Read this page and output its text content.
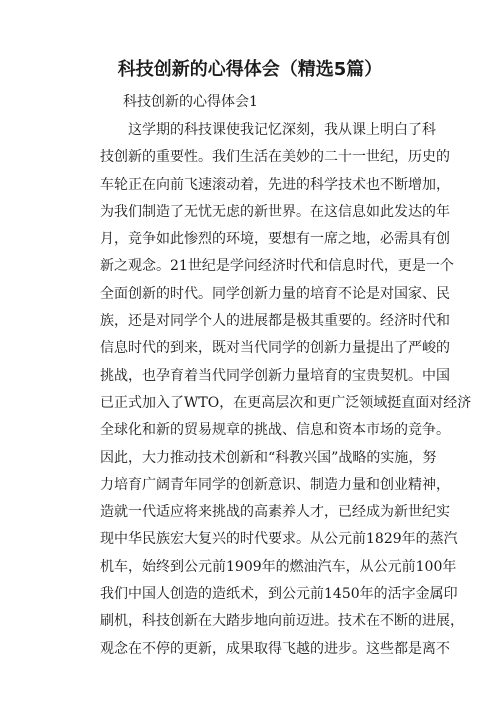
科技创新的心得体会（精选5篇）
科技创新的心得体会1
这学期的科技课使我记忆深刻，我从课上明白了科
技创新的重要性。我们生活在美妙的二十一世纪，历史的
车轮正在向前飞速滚动着，先进的科学技术也不断增加，
为我们制造了无忧无虑的新世界。在这信息如此发达的年
月，竞争如此惨烈的环境，要想有一席之地，必需具有创
新之观念。21世纪是学问经济时代和信息时代，更是一个
全面创新的时代。同学创新力量的培育不论是对国家、民
族，还是对同学个人的进展都是极其重要的。经济时代和
信息时代的到来，既对当代同学的创新力量提出了严峻的
挑战，也孕育着当代同学创新力量培育的宝贵契机。中国
已正式加入了WTO，在更高层次和更广泛领域挺直面对经济
全球化和新的贸易规章的挑战、信息和资本市场的竞争。
因此，大力推动技术创新和“科教兴国”战略的实施，努
力培育广阔青年同学的创新意识、制造力量和创业精神，
造就一代适应将来挑战的高素养人才，已经成为新世纪实
现中华民族宏大复兴的时代要求。从公元前1829年的蒸汽
机车，始终到公元前1909年的燃油汽车，从公元前100年
我们中国人创造的造纸术，到公元前1450年的活字金属印
刷机，科技创新在大踏步地向前迈进。技术在不断的进展，
观念在不停的更新，成果取得飞越的进步。这些都是离不
